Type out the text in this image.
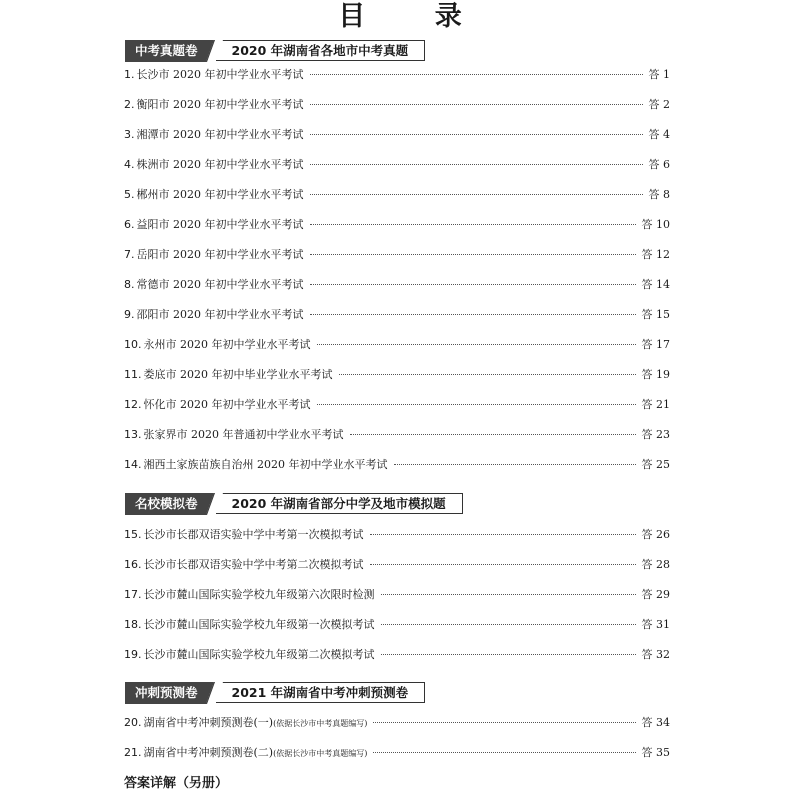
目 录
中考真题卷	2020 年湖南省各地市中考真题
名校模拟卷	2020 年湖南省部分中学及地市模拟题
冲刺预测卷	2021 年湖南省中考冲刺预测卷
答案详解（另册）
1. 长沙市 2020 年初中学业水平考试	答 1
2. 衡阳市 2020 年初中学业水平考试	答 2
3. 湘潭市 2020 年初中学业水平考试	答 4
4. 株洲市 2020 年初中学业水平考试	答 6
5. 郴州市 2020 年初中学业水平考试	答 8
6. 益阳市 2020 年初中学业水平考试	答 10
7. 岳阳市 2020 年初中学业水平考试	答 12
8. 常德市 2020 年初中学业水平考试	答 14
9. 邵阳市 2020 年初中学业水平考试	答 15
10. 永州市 2020 年初中学业水平考试	答 17
11. 娄底市 2020 年初中毕业学业水平考试	答 19
12. 怀化市 2020 年初中学业水平考试	答 21
13. 张家界市 2020 年普通初中学业水平考试	答 23
14. 湘西土家族苗族自治州 2020 年初中学业水平考试	答 25
15. 长沙市长郡双语实验中学中考第一次模拟考试	答 26
16. 长沙市长郡双语实验中学中考第二次模拟考试	答 28
17. 长沙市麓山国际实验学校九年级第六次限时检测	答 29
18. 长沙市麓山国际实验学校九年级第一次模拟考试	答 31
19. 长沙市麓山国际实验学校九年级第二次模拟考试	答 32
20. 湖南省中考冲刺预测卷(一) (依据长沙市中考真题编写)	答 34
21. 湖南省中考冲刺预测卷(二) (依据长沙市中考真题编写)	答 35
